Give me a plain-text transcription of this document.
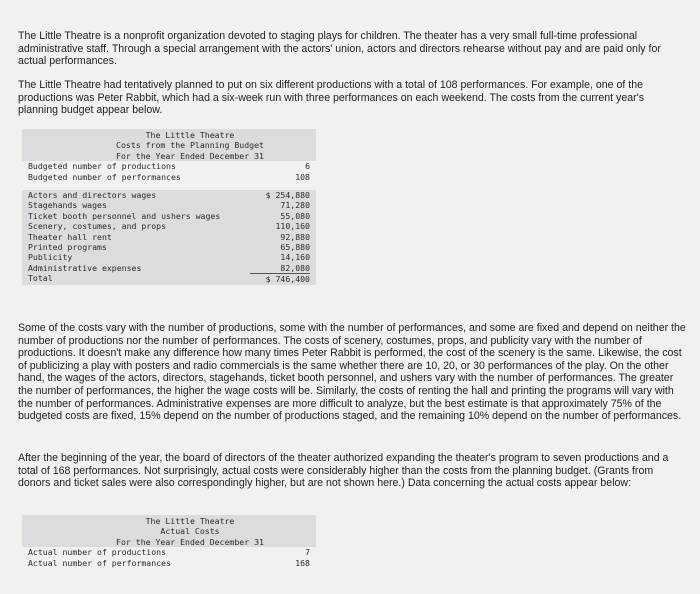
The Little Theatre is a nonprofit organization devoted to staging plays for children. The theater has a very small full-time professional administrative staff. Through a special arrangement with the actors' union, actors and directors rehearse without pay and are paid only for actual performances.

The Little Theatre had tentatively planned to put on six different productions with a total of 108 performances. For example, one of the productions was Peter Rabbit, which had a six-week run with three performances on each weekend. The costs from the current year's planning budget appear below.

The Little Theatre
Costs from the Planning Budget
For the Year Ended December 31
Budgeted number of productions	6
Budgeted number of performances	108
Actors and directors wages	$ 254,880
Stagehands wages	71,280
Ticket booth personnel and ushers wages	55,080
Scenery, costumes, and props	110,160
Theater hall rent	92,880
Printed programs	65,880
Publicity	14,160
Administrative expenses	82,080
Total	$ 746,400

Some of the costs vary with the number of productions, some with the number of performances, and some are fixed and depend on neither the number of productions nor the number of performances. The costs of scenery, costumes, props, and publicity vary with the number of productions. It doesn't make any difference how many times Peter Rabbit is performed, the cost of the scenery is the same. Likewise, the cost of publicizing a play with posters and radio commercials is the same whether there are 10, 20, or 30 performances of the play. On the other hand, the wages of the actors, directors, stagehands, ticket booth personnel, and ushers vary with the number of performances. The greater the number of performances, the higher the wage costs will be. Similarly, the costs of renting the hall and printing the programs will vary with the number of performances. Administrative expenses are more difficult to analyze, but the best estimate is that approximately 75% of the budgeted costs are fixed, 15% depend on the number of productions staged, and the remaining 10% depend on the number of performances.

After the beginning of the year, the board of directors of the theater authorized expanding the theater's program to seven productions and a total of 168 performances. Not surprisingly, actual costs were considerably higher than the costs from the planning budget. (Grants from donors and ticket sales were also correspondingly higher, but are not shown here.) Data concerning the actual costs appear below:

The Little Theatre
Actual Costs
For the Year Ended December 31
Actual number of productions	7
Actual number of performances	168
